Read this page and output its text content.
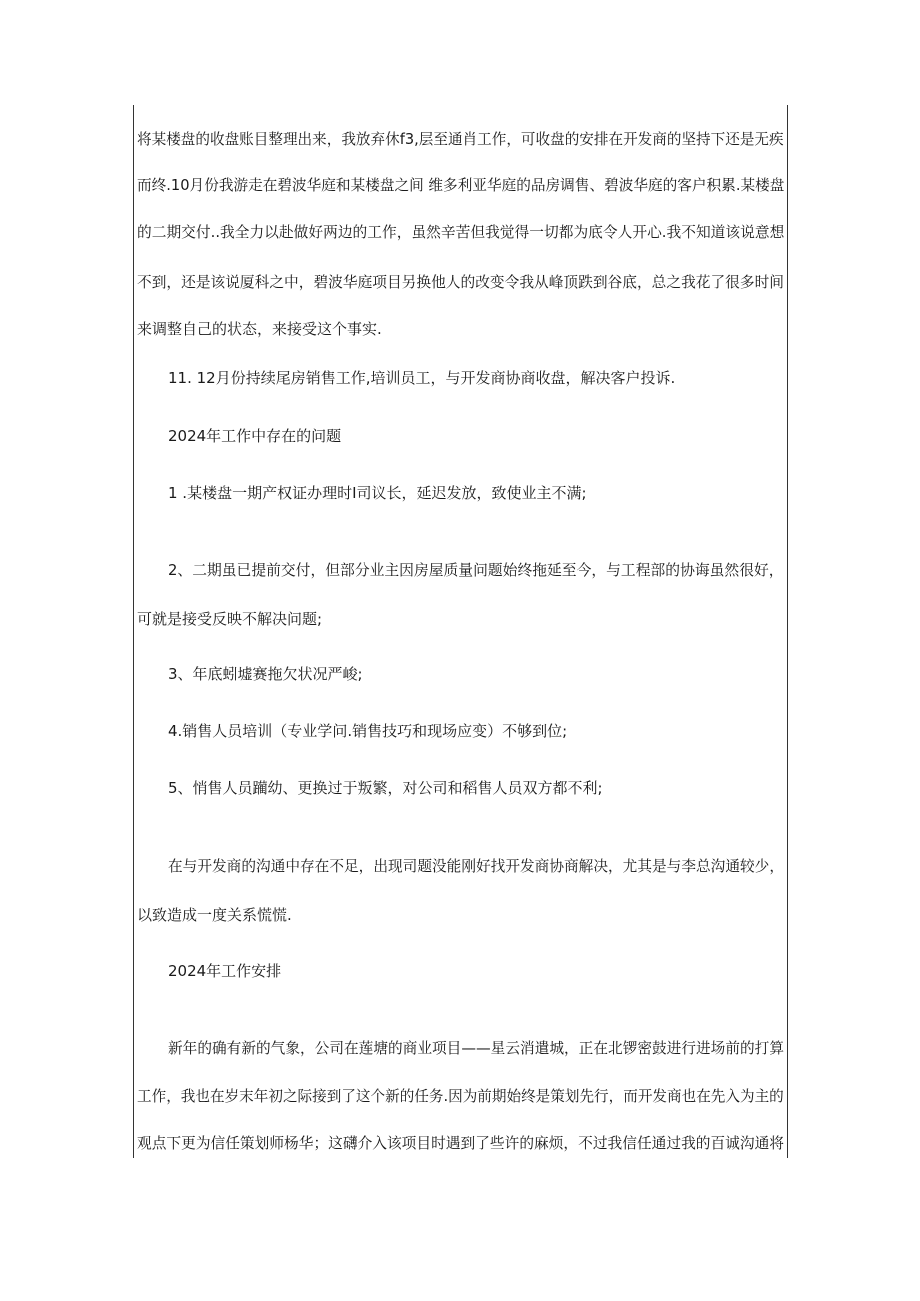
将某楼盘的收盘账目整理出来，我放弃休f3,层至通肖工作，可收盘的安排在开发商的坚持下还是无疾
而终.10月份我游走在碧波华庭和某楼盘之间 维多利亚华庭的品房调售、碧波华庭的客户积累.某楼盘
的二期交付..我全力以赴做好两边的工作，虽然辛苦但我觉得一切都为底令人开心.我不知道该说意想
不到，还是该说厦科之中，碧波华庭项目另换他人的改变令我从峰顶跌到谷底，总之我花了很多时间
来调整自己的状态，来接受这个事实.
11. 12月份持续尾房销售工作,培训员工，与开发商协商收盘，解决客户投诉.
2024年工作中存在的问题
1 .某楼盘一期产权证办理时I司议长，延迟发放，致使业主不满;
2、二期虽已提前交付，但部分业主因房屋质量问题始终拖延至今，与工程部的协诲虽然很好，
可就是接受反映不解决问题;
3、年底蚓墟赛拖欠状况严峻;
4.销售人员培训（专业学问.销售技巧和现场应变）不够到位;
5、悄售人员躏幼、更换过于叛繁，对公司和稻售人员双方都不利;
在与开发商的沟通中存在不足，出现司题没能刚好找开发商协商解决，尤其是与李总沟通较少，
以致造成一度关系慌慌.
2024年工作安排
新年的确有新的气象，公司在莲塘的商业项目——星云消遣城，正在北锣密鼓进行进场前的打算
工作，我也在岁末年初之际接到了这个新的任务.因为前期始终是策划先行，而开发商也在先入为主的
观点下更为信任策划师杨华；这礴介入该项目时遇到了些许的麻烦，不过我信任通过我的百诚沟通将
